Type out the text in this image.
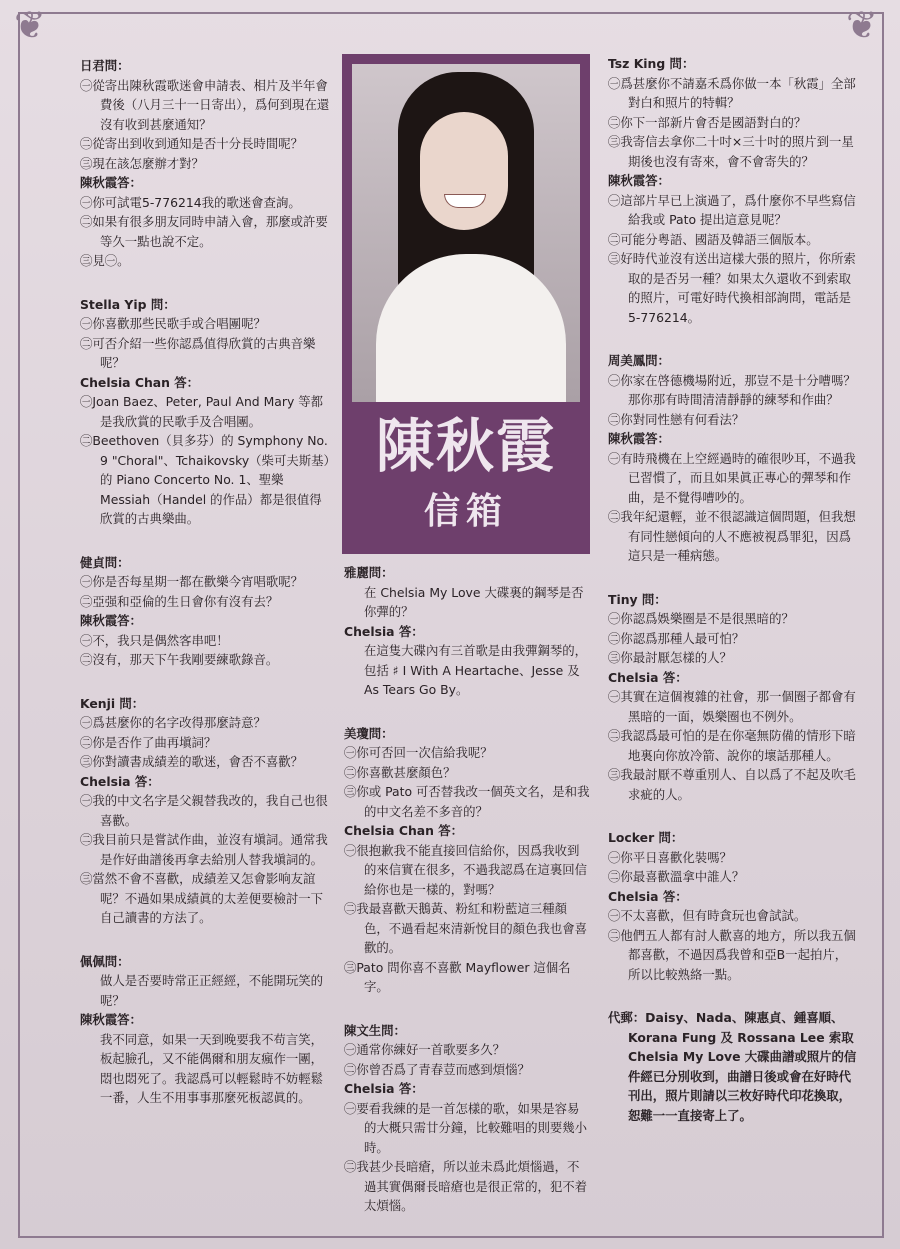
❦	❦
日君問：
㊀從寄出陳秋霞歌迷會申請表、相片及半年會費後（八月三十一日寄出），爲何到現在還沒有收到甚麼通知？
㊁從寄出到收到通知是否十分長時間呢？
㊂現在該怎麼辦才對？
陳秋霞答：
㊀你可試電5-776214我的歌迷會查詢。
㊁如果有很多朋友同時申請入會，那麼或許要等久一點也說不定。
㊂見㊀。
Stella Yip 問：
㊀你喜歡那些民歌手或合唱團呢？
㊁可否介紹一些你認爲值得欣賞的古典音樂呢？
Chelsia Chan 答：
㊀Joan Baez、Peter, Paul And Mary 等都是我欣賞的民歌手及合唱團。
㊁Beethoven（貝多芬）的 Symphony No. 9 "Choral"、Tchaikovsky（柴可夫斯基）的 Piano Concerto No. 1、聖樂 Messiah（Handel 的作品）都是很值得欣賞的古典樂曲。
健貞問：
㊀你是否每星期一都在歡樂今宵唱歌呢？
㊁亞强和亞倫的生日會你有沒有去？
陳秋霞答：
㊀不，我只是偶然客串吧！
㊁沒有，那天下午我剛要練歌錄音。
Kenji 問：
㊀爲甚麼你的名字改得那麼詩意？
㊁你是否作了曲再塡詞？
㊂你對讀書成績差的歌迷，會否不喜歡？
Chelsia 答：
㊀我的中文名字是父親替我改的，我自己也很喜歡。
㊁我目前只是嘗試作曲，並沒有塡詞。通常我是作好曲譜後再拿去給別人替我塡詞的。
㊂當然不會不喜歡，成績差又怎會影响友誼呢？不過如果成績眞的太差便要檢討一下自己讀書的方法了。
佩佩問：
做人是否要時常正正經經，不能開玩笑的呢？
陳秋霞答：
我不同意，如果一天到晚要我不苟言笑，板起臉孔，又不能偶爾和朋友瘋作一團，悶也悶死了。我認爲可以輕鬆時不妨輕鬆一番，人生不用事事那麼死板認眞的。
陳秋霞
信箱
雅麗問：
在 Chelsia My Love 大碟裏的鋼琴是否你彈的？
Chelsia 答：
在這隻大碟內有三首歌是由我彈鋼琴的，包括 ♯ I With A Heartache、Jesse 及 As Tears Go By。
美瓊問：
㊀你可否回一次信給我呢？
㊁你喜歡甚麼顏色？
㊂你或 Pato 可否替我改一個英文名，是和我的中文名差不多音的？
Chelsia Chan 答：
㊀很抱歉我不能直接回信給你，因爲我收到的來信實在很多，不過我認爲在這裏回信給你也是一樣的，對嗎？
㊁我最喜歡天鵝黃、粉紅和粉藍這三種顏色，不過看起來清新悅目的顏色我也會喜歡的。
㊂Pato 問你喜不喜歡 Mayflower 這個名字。
陳文生問：
㊀通常你練好一首歌要多久？
㊁你曾否爲了青春荳而感到煩惱？
Chelsia 答：
㊀要看我練的是一首怎樣的歌，如果是容易的大概只需廿分鐘，比較難唱的則要幾小時。
㊁我甚少長暗瘡，所以並未爲此煩惱過，不過其實偶爾長暗瘡也是很正常的，犯不着太煩惱。
Tsz King 問：
㊀爲甚麼你不請嘉禾爲你做一本「秋霞」全部對白和照片的特輯？
㊁你下一部新片會否是國語對白的？
㊂我寄信去拿你二十吋×三十吋的照片到一星期後也沒有寄來，會不會寄失的？
陳秋霞答：
㊀這部片早已上演過了，爲什麼你不早些寫信給我或 Pato 提出這意見呢？
㊁可能分粤語、國語及韓語三個版本。
㊂好時代並沒有送出這樣大張的照片，你所索取的是否另一種？如果太久還收不到索取的照片，可電好時代換相部詢問，電話是5-776214。
周美鳳問：
㊀你家在啓德機場附近，那豈不是十分嘈嗎？那你那有時間清清靜靜的練琴和作曲？
㊁你對同性戀有何看法？
陳秋霞答：
㊀有時飛機在上空經過時的確很吵耳，不過我已習慣了，而且如果眞正專心的彈琴和作曲，是不覺得嘈吵的。
㊁我年紀還輕，並不很認識這個問題，但我想有同性戀傾向的人不應被視爲罪犯，因爲這只是一種病態。
Tiny 問：
㊀你認爲娛樂圈是不是很黑暗的？
㊁你認爲那種人最可怕？
㊂你最討厭怎樣的人？
Chelsia 答：
㊀其實在這個複雜的社會，那一個圈子都會有黑暗的一面，娛樂圈也不例外。
㊁我認爲最可怕的是在你毫無防備的情形下暗地裏向你放冷箭、說你的壞話那種人。
㊂我最討厭不尊重別人、自以爲了不起及吹毛求疵的人。
Locker 問：
㊀你平日喜歡化裝嗎？
㊁你最喜歡溫拿中誰人？
Chelsia 答：
㊀不太喜歡，但有時貪玩也會試試。
㊁他們五人都有討人歡喜的地方，所以我五個都喜歡，不過因爲我曾和亞B一起拍片，所以比較熟絡一點。
代郵：Daisy、Nada、陳惠貞、鍾喜順、Korana Fung 及 Rossana Lee 索取 Chelsia My Love 大碟曲譜或照片的信件經已分別收到，曲譜日後或會在好時代刊出，照片則請以三枚好時代印花換取，恕難一一直接寄上了。
